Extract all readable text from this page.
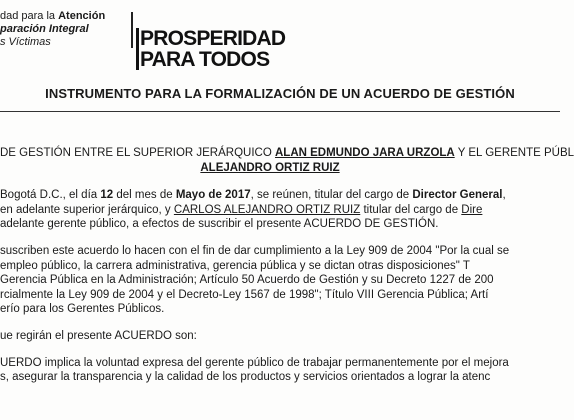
dad para la Atención
paración Integral
s Víctimas	PROSPERIDAD
PARA TODOS
INSTRUMENTO PARA LA FORMALIZACIÓN DE UN ACUERDO DE GESTIÓN
DE GESTIÓN ENTRE EL SUPERIOR JERÁRQUICO ALAN EDMUNDO JARA URZOLA Y EL GERENTE PÚBL
ALEJANDRO ORTIZ RUIZ
Bogotá D.C., el día 12 del mes de Mayo de 2017, se reúnen, titular del cargo de Director General,
en adelante superior jerárquico, y CARLOS ALEJANDRO ORTIZ RUIZ titular del cargo de Dire
adelante gerente público, a efectos de suscribir el presente ACUERDO DE GESTIÓN.
suscriben este acuerdo lo hacen con el fin de dar cumplimiento a la Ley 909 de 2004 "Por la cual se
empleo público, la carrera administrativa, gerencia pública y se dictan otras disposiciones" T
Gerencia Pública en la Administración; Artículo 50 Acuerdo de Gestión y su Decreto 1227 de 200
rcialmente la Ley 909 de 2004 y el Decreto-Ley 1567 de 1998"; Título VIII Gerencia Pública; Artí
erío para los Gerentes Públicos.
ue regirán el presente ACUERDO son:
UERDO implica la voluntad expresa del gerente público de trabajar permanentemente por el mejora
s, asegurar la transparencia y la calidad de los productos y servicios orientados a lograr la atenc
